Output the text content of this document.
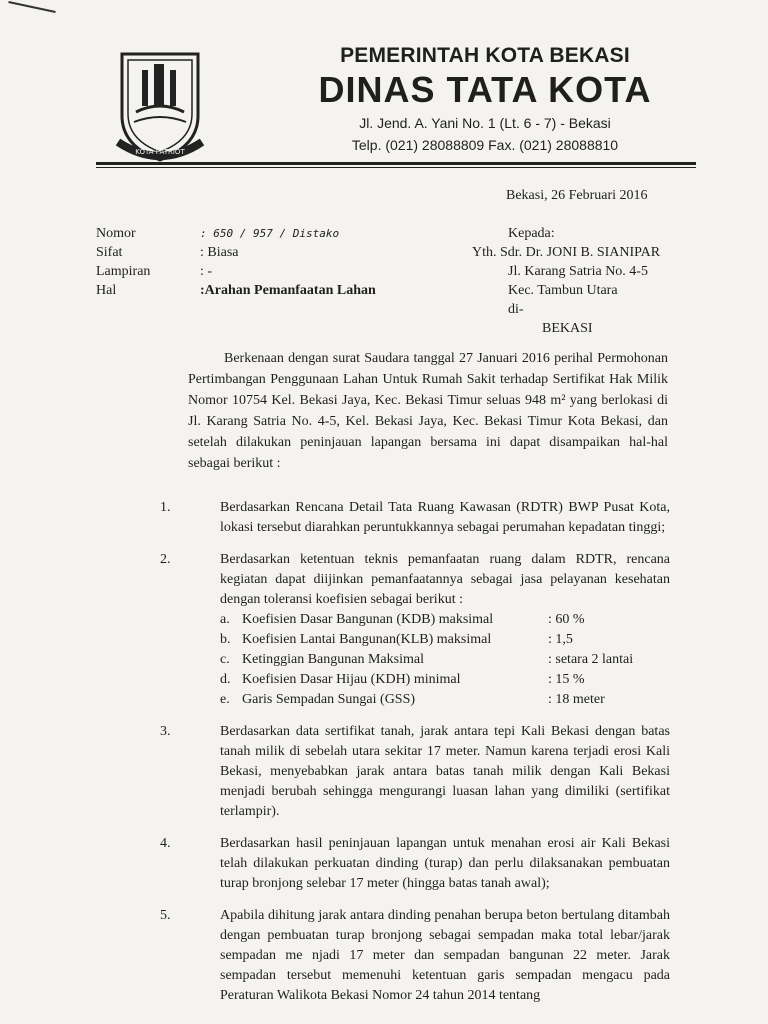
KOTA PATRIOT
PEMERINTAH KOTA BEKASI
DINAS TATA KOTA
Jl. Jend. A. Yani No. 1 (Lt. 6 - 7) - Bekasi
Telp. (021) 28088809 Fax. (021) 28088810
Bekasi, 26 Februari 2016
Nomor	: 650 / 957 / Distako
Sifat	: Biasa
Lampiran	: -
Hal	:Arahan Pemanfaatan Lahan
Kepada:
Yth. Sdr. Dr. JONI B. SIANIPAR
Jl. Karang Satria No. 4-5
Kec. Tambun Utara
di-
BEKASI
Berkenaan dengan surat Saudara tanggal 27 Januari 2016 perihal Permohonan Pertimbangan Penggunaan Lahan Untuk Rumah Sakit terhadap Sertifikat Hak Milik Nomor 10754 Kel. Bekasi Jaya, Kec. Bekasi Timur seluas 948 m² yang berlokasi di Jl. Karang Satria No. 4-5, Kel. Bekasi Jaya, Kec. Bekasi Timur Kota Bekasi, dan setelah dilakukan peninjauan lapangan bersama ini dapat disampaikan hal-hal sebagai berikut :
1.	Berdasarkan Rencana Detail Tata Ruang Kawasan (RDTR) BWP Pusat Kota, lokasi tersebut diarahkan peruntukkannya sebagai perumahan kepadatan tinggi;
2.	Berdasarkan ketentuan teknis pemanfaatan ruang dalam RDTR, rencana kegiatan dapat diijinkan pemanfaatannya sebagai jasa pelayanan kesehatan dengan toleransi koefisien sebagai berikut :
a. Koefisien Dasar Bangunan (KDB) maksimal	: 60 %
b. Koefisien Lantai Bangunan(KLB) maksimal	: 1,5
c. Ketinggian Bangunan Maksimal	: setara 2 lantai
d. Koefisien Dasar Hijau (KDH) minimal	: 15 %
e. Garis Sempadan Sungai (GSS)	: 18 meter
3.	Berdasarkan data sertifikat tanah, jarak antara tepi Kali Bekasi dengan batas tanah milik di sebelah utara sekitar 17 meter. Namun karena terjadi erosi Kali Bekasi, menyebabkan jarak antara batas tanah milik dengan Kali Bekasi menjadi berubah sehingga mengurangi luasan lahan yang dimiliki (sertifikat terlampir).
4.	Berdasarkan hasil peninjauan lapangan untuk menahan erosi air Kali Bekasi telah dilakukan perkuatan dinding (turap) dan perlu dilaksanakan pembuatan turap bronjong selebar 17 meter (hingga batas tanah awal);
5.	Apabila dihitung jarak antara dinding penahan berupa beton bertulang ditambah dengan pembuatan turap bronjong sebagai sempadan maka total lebar/jarak sempadan me njadi 17 meter dan sempadan bangunan 22 meter. Jarak sempadan tersebut memenuhi ketentuan garis sempadan mengacu pada Peraturan Walikota Bekasi Nomor 24 tahun 2014 tentang
